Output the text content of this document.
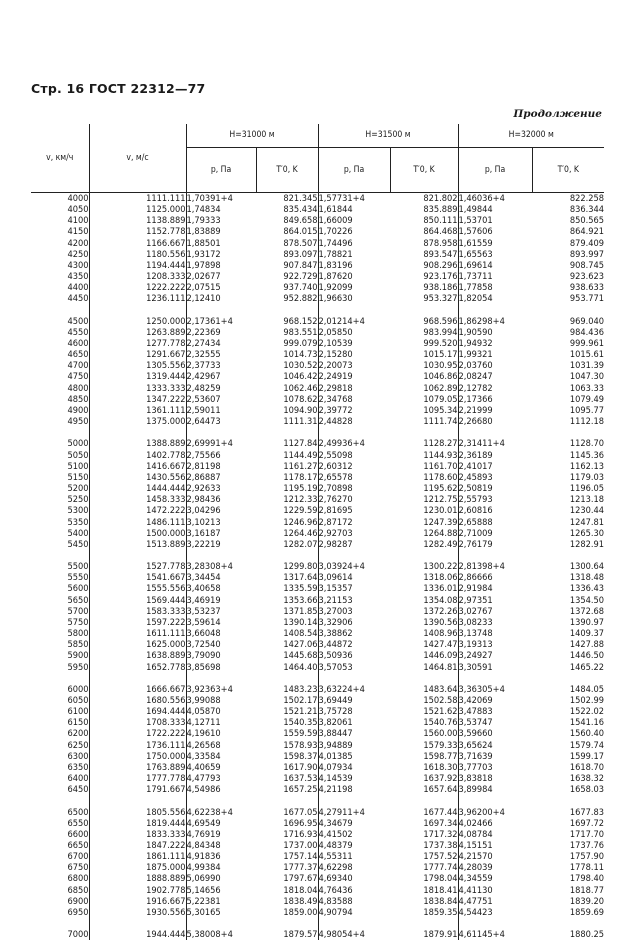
Стр. 16 ГОСТ 22312—77
Продолжение
v, км/ч	v, м/с	H=31000 м		H=31500 м		H=32000 м	
		p, Па	T′0, K	p, Па	T′0, K	p, Па	T′0, K
4000	1111.111	1,70391+4	821.345	1,57731+4	821.802	1,46036+4	822.258
4050	1125.000	1,74834	835.434	1,61844	835.889	1,49844	836.344
4100	1138.889	1,79333	849.658	1,66009	850.111	1,53701	850.565
4150	1152.778	1,83889	864.015	1,70226	864.468	1,57606	864.921
4200	1166.667	1,88501	878.507	1,74496	878.958	1,61559	879.409
4250	1180.556	1,93172	893.097	1,78821	893.547	1,65563	893.997
4300	1194.444	1,97898	907.847	1,83196	908.296	1,69614	908.745
4350	1208.333	2,02677	922.729	1,87620	923.176	1,73711	923.623
4400	1222.222	2,07515	937.740	1,92099	938.186	1,77858	938.633
4450	1236.111	2,12410	952.882	1,96630	953.327	1,82054	953.771

4500	1250.000	2,17361+4	968.152	2,01214+4	968.596	1,86298+4	969.040
4550	1263.889	2,22369	983.551	2,05850	983.994	1,90590	984.436
4600	1277.778	2,27434	999.079	2,10539	999.520	1,94932	999.961
4650	1291.667	2,32555	1014.73	2,15280	1015.17	1,99321	1015.61
4700	1305.556	2,37733	1030.52	2,20073	1030.95	2,03760	1031.39
4750	1319.444	2,42967	1046.42	2,24919	1046.86	2,08247	1047.30
4800	1333.333	2,48259	1062.46	2,29818	1062.89	2,12782	1063.33
4850	1347.222	2,53607	1078.62	2,34768	1079.05	2,17366	1079.49
4900	1361.111	2,59011	1094.90	2,39772	1095.34	2,21999	1095.77
4950	1375.000	2,64473	1111.31	2,44828	1111.74	2,26680	1112.18

5000	1388.889	2,69991+4	1127.84	2,49936+4	1128.27	2,31411+4	1128.70
5050	1402.778	2,75566	1144.49	2,55098	1144.93	2,36189	1145.36
5100	1416.667	2,81198	1161.27	2,60312	1161.70	2,41017	1162.13
5150	1430.556	2,86887	1178.17	2,65578	1178.60	2,45893	1179.03
5200	1444.444	2,92633	1195.19	2,70898	1195.62	2,50819	1196.05
5250	1458.333	2,98436	1212.33	2,76270	1212.75	2,55793	1213.18
5300	1472.222	3,04296	1229.59	2,81695	1230.01	2,60816	1230.44
5350	1486.111	3,10213	1246.96	2,87172	1247.39	2,65888	1247.81
5400	1500.000	3,16187	1264.46	2,92703	1264.88	2,71009	1265.30
5450	1513.889	3,22219	1282.07	2,98287	1282.49	2,76179	1282.91

5500	1527.778	3,28308+4	1299.80	3,03924+4	1300.22	2,81398+4	1300.64
5550	1541.667	3,34454	1317.64	3,09614	1318.06	2,86666	1318.48
5600	1555.556	3,40658	1335.59	3,15357	1336.01	2,91984	1336.43
5650	1569.444	3,46919	1353.66	3,21153	1354.08	2,97351	1354.50
5700	1583.333	3,53237	1371.85	3,27003	1372.26	3,02767	1372.68
5750	1597.222	3,59614	1390.14	3,32906	1390.56	3,08233	1390.97
5800	1611.111	3,66048	1408.54	3,38862	1408.96	3,13748	1409.37
5850	1625.000	3,72540	1427.06	3,44872	1427.47	3,19313	1427.88
5900	1638.889	3,79090	1445.68	3,50936	1446.09	3,24927	1446.50
5950	1652.778	3,85698	1464.40	3,57053	1464.81	3,30591	1465.22

6000	1666.667	3,92363+4	1483.23	3,63224+4	1483.64	3,36305+4	1484.05
6050	1680.556	3,99088	1502.17	3,69449	1502.58	3,42069	1502.99
6100	1694.444	4,05870	1521.21	3,75728	1521.62	3,47883	1522.02
6150	1708.333	4,12711	1540.35	3,82061	1540.76	3,53747	1541.16
6200	1722.222	4,19610	1559.59	3,88447	1560.00	3,59660	1560.40
6250	1736.111	4,26568	1578.93	3,94889	1579.33	3,65624	1579.74
6300	1750.000	4,33584	1598.37	4,01385	1598.77	3,71639	1599.17
6350	1763.889	4,40659	1617.90	4,07934	1618.30	3,77703	1618.70
6400	1777.778	4,47793	1637.53	4,14539	1637.92	3,83818	1638.32
6450	1791.667	4,54986	1657.25	4,21198	1657.64	3,89984	1658.03

6500	1805.556	4,62238+4	1677.05	4,27911+4	1677.44	3,96200+4	1677.83
6550	1819.444	4,69549	1696.95	4,34679	1697.34	4,02466	1697.72
6600	1833.333	4,76919	1716.93	4,41502	1717.32	4,08784	1717.70
6650	1847.222	4,84348	1737.00	4,48379	1737.38	4,15151	1737.76
6700	1861.111	4,91836	1757.14	4,55311	1757.52	4,21570	1757.90
6750	1875.000	4,99384	1777.37	4,62298	1777.74	4,28039	1778.11
6800	1888.889	5,06990	1797.67	4,69340	1798.04	4,34559	1798.40
6850	1902.778	5,14656	1818.04	4,76436	1818.41	4,41130	1818.77
6900	1916.667	5,22381	1838.49	4,83588	1838.84	4,47751	1839.20
6950	1930.556	5,30165	1859.00	4,90794	1859.35	4,54423	1859.69

7000	1944.444	5,38008+4	1879.57	4,98054+4	1879.91	4,61145+4	1880.25
